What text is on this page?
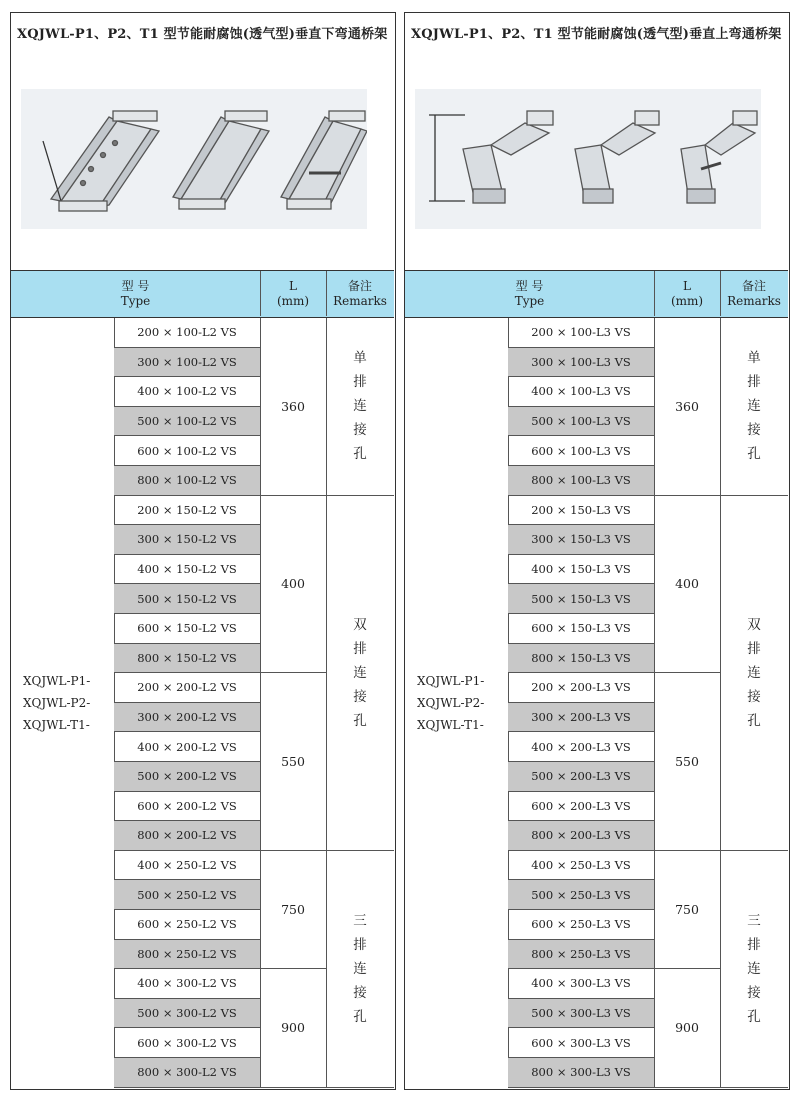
XQJWL-P1、P2、T1 型节能耐腐蚀(透气型)垂直下弯通桥架
型 号
Type
L
(mm)
备注
Remarks
XQJWL-P1-
XQJWL-P2-
XQJWL-T1-
200 × 100-L2 VS
300 × 100-L2 VS
400 × 100-L2 VS
500 × 100-L2 VS
600 × 100-L2 VS
800 × 100-L2 VS
200 × 150-L2 VS
300 × 150-L2 VS
400 × 150-L2 VS
500 × 150-L2 VS
600 × 150-L2 VS
800 × 150-L2 VS
200 × 200-L2 VS
300 × 200-L2 VS
400 × 200-L2 VS
500 × 200-L2 VS
600 × 200-L2 VS
800 × 200-L2 VS
400 × 250-L2 VS
500 × 250-L2 VS
600 × 250-L2 VS
800 × 250-L2 VS
400 × 300-L2 VS
500 × 300-L2 VS
600 × 300-L2 VS
800 × 300-L2 VS
360
400
550
750
900
单
排
连
接
孔
双
排
连
接
孔
三
排
连
接
孔
XQJWL-P1、P2、T1 型节能耐腐蚀(透气型)垂直上弯通桥架
型 号
Type
L
(mm)
备注
Remarks
XQJWL-P1-
XQJWL-P2-
XQJWL-T1-
200 × 100-L3 VS
300 × 100-L3 VS
400 × 100-L3 VS
500 × 100-L3 VS
600 × 100-L3 VS
800 × 100-L3 VS
200 × 150-L3 VS
300 × 150-L3 VS
400 × 150-L3 VS
500 × 150-L3 VS
600 × 150-L3 VS
800 × 150-L3 VS
200 × 200-L3 VS
300 × 200-L3 VS
400 × 200-L3 VS
500 × 200-L3 VS
600 × 200-L3 VS
800 × 200-L3 VS
400 × 250-L3 VS
500 × 250-L3 VS
600 × 250-L3 VS
800 × 250-L3 VS
400 × 300-L3 VS
500 × 300-L3 VS
600 × 300-L3 VS
800 × 300-L3 VS
360
400
550
750
900
单
排
连
接
孔
双
排
连
接
孔
三
排
连
接
孔
